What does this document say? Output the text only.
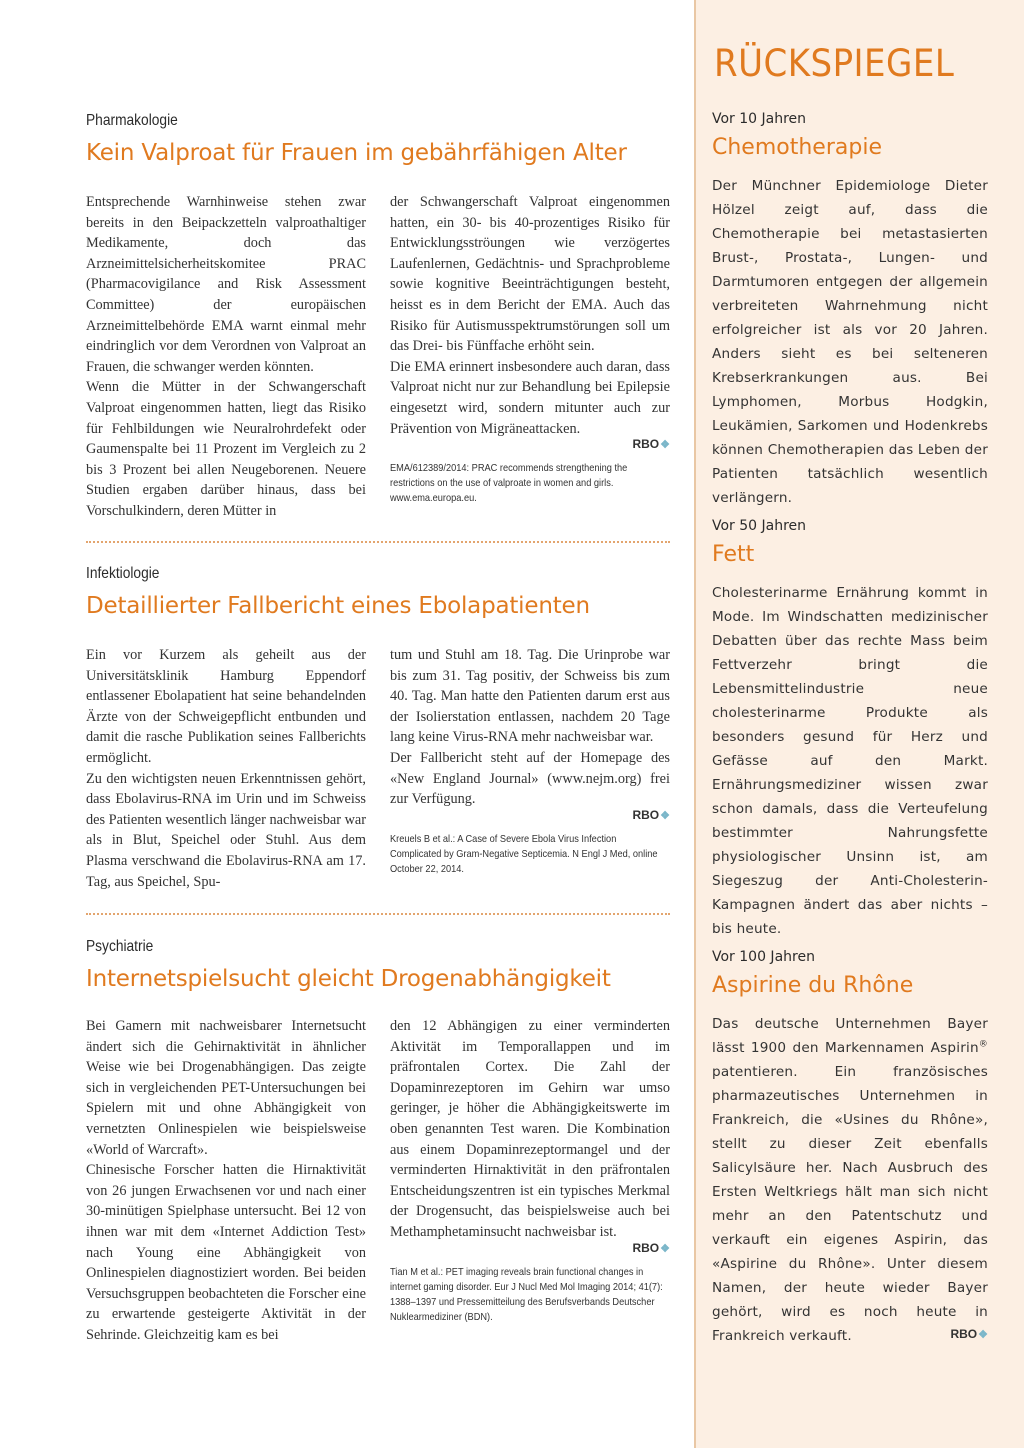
Pharmakologie
Kein Valproat für Frauen im gebährfähigen Alter

Entsprechende Warnhinweise stehen zwar bereits in den Beipackzetteln valproathaltiger Medikamente, doch das Arzneimittelsicherheitskomitee PRAC (Pharmacovigilance and Risk Assessment Committee) der europäischen Arzneimittelbehörde EMA warnt einmal mehr eindringlich vor dem Verordnen von Valproat an Frauen, die schwanger werden könnten.

Wenn die Mütter in der Schwangerschaft Valproat eingenommen hatten, liegt das Risiko für Fehlbildungen wie Neuralrohrdefekt oder Gaumenspalte bei 11 Prozent im Vergleich zu 2 bis 3 Prozent bei allen Neugeborenen. Neuere Studien ergaben darüber hinaus, dass bei Vorschulkindern, deren Mütter in

der Schwangerschaft Valproat eingenommen hatten, ein 30- bis 40-prozentiges Risiko für Entwicklungsströungen wie verzögertes Laufenlernen, Gedächtnis- und Sprachprobleme sowie kognitive Beeinträchtigungen besteht, heisst es in dem Bericht der EMA. Auch das Risiko für Autismusspektrumstörungen soll um das Drei- bis Fünffache erhöht sein.

Die EMA erinnert insbesondere auch daran, dass Valproat nicht nur zur Behandlung bei Epilepsie eingesetzt wird, sondern mitunter auch zur Prävention von Migräneattacken.

RBO❖
EMA/612389/2014: PRAC recommends strengthening the restrictions on the use of valproate in women and girls. www.ema.europa.eu.
Infektiologie
Detaillierter Fallbericht eines Ebolapatienten

Ein vor Kurzem als geheilt aus der Universitätsklinik Hamburg Eppendorf entlassener Ebolapatient hat seine behandelnden Ärzte von der Schweigepflicht entbunden und damit die rasche Publikation seines Fallberichts ermöglicht.

Zu den wichtigsten neuen Erkenntnissen gehört, dass Ebolavirus-RNA im Urin und im Schweiss des Patienten wesentlich länger nachweisbar war als in Blut, Speichel oder Stuhl. Aus dem Plasma verschwand die Ebolavirus-RNA am 17. Tag, aus Speichel, Spu-

tum und Stuhl am 18. Tag. Die Urinprobe war bis zum 31. Tag positiv, der Schweiss bis zum 40. Tag. Man hatte den Patienten darum erst aus der Isolierstation entlassen, nachdem 20 Tage lang keine Virus-RNA mehr nachweisbar war.

Der Fallbericht steht auf der Homepage des «New England Journal» (www.nejm.org) frei zur Verfügung.

RBO❖
Kreuels B et al.: A Case of Severe Ebola Virus Infection Complicated by Gram-Negative Septicemia. N Engl J Med, online October 22, 2014.
Psychiatrie
Internetspielsucht gleicht Drogenabhängigkeit

Bei Gamern mit nachweisbarer Internetsucht ändert sich die Gehirnaktivität in ähnlicher Weise wie bei Drogenabhängigen. Das zeigte sich in vergleichenden PET-Untersuchungen bei Spielern mit und ohne Abhängigkeit von vernetzten Onlinespielen wie beispielsweise «World of Warcraft».

Chinesische Forscher hatten die Hirnaktivität von 26 jungen Erwachsenen vor und nach einer 30-minütigen Spielphase untersucht. Bei 12 von ihnen war mit dem «Internet Addiction Test» nach Young eine Abhängigkeit von Onlinespielen diagnostiziert worden. Bei beiden Versuchsgruppen beobachteten die Forscher eine zu erwartende gesteigerte Aktivität in der Sehrinde. Gleichzeitig kam es bei

den 12 Abhängigen zu einer verminderten Aktivität im Temporallappen und im präfrontalen Cortex. Die Zahl der Dopaminrezeptoren im Gehirn war umso geringer, je höher die Abhängigkeitswerte im oben genannten Test waren. Die Kombination aus einem Dopaminrezeptormangel und der verminderten Hirnaktivität in den präfrontalen Entscheidungszentren ist ein typisches Merkmal der Drogensucht, das beispielsweise auch bei Methamphetaminsucht nachweisbar ist.

RBO❖
Tian M et al.: PET imaging reveals brain functional changes in internet gaming disorder. Eur J Nucl Med Mol Imaging 2014; 41(7): 1388–1397 und Pressemitteilung des Berufsverbands Deutscher Nuklearmediziner (BDN).
RÜCKSPIEGEL
Vor 10 Jahren
Chemotherapie
Der Münchner Epidemiologe Dieter Hölzel zeigt auf, dass die Chemotherapie bei metastasierten Brust-, Prostata-, Lungen- und Darmtumoren entgegen der allgemein verbreiteten Wahrnehmung nicht erfolgreicher ist als vor 20 Jahren. Anders sieht es bei selteneren Krebserkrankungen aus. Bei Lymphomen, Morbus Hodgkin, Leukämien, Sarkomen und Hodenkrebs können Chemotherapien das Leben der Patienten tatsächlich wesentlich verlängern.
Vor 50 Jahren
Fett
Cholesterinarme Ernährung kommt in Mode. Im Windschatten medizinischer Debatten über das rechte Mass beim Fettverzehr bringt die Lebensmittelindustrie neue cholesterinarme Produkte als besonders gesund für Herz und Gefässe auf den Markt. Ernährungsmediziner wissen zwar schon damals, dass die Verteufelung bestimmter Nahrungsfette physiologischer Unsinn ist, am Siegeszug der Anti-Cholesterin-Kampagnen ändert das aber nichts – bis heute.
Vor 100 Jahren
Aspirine du Rhône
Das deutsche Unternehmen Bayer lässt 1900 den Markennamen Aspirin® patentieren. Ein französisches pharmazeutisches Unternehmen in Frankreich, die «Usines du Rhône», stellt zu dieser Zeit ebenfalls Salicylsäure her. Nach Ausbruch des Ersten Weltkriegs hält man sich nicht mehr an den Patentschutz und verkauft ein eigenes Aspirin, das «Aspirine du Rhône». Unter diesem Namen, der heute wieder Bayer gehört, wird es noch heute in Frankreich verkauft.	RBO❖
